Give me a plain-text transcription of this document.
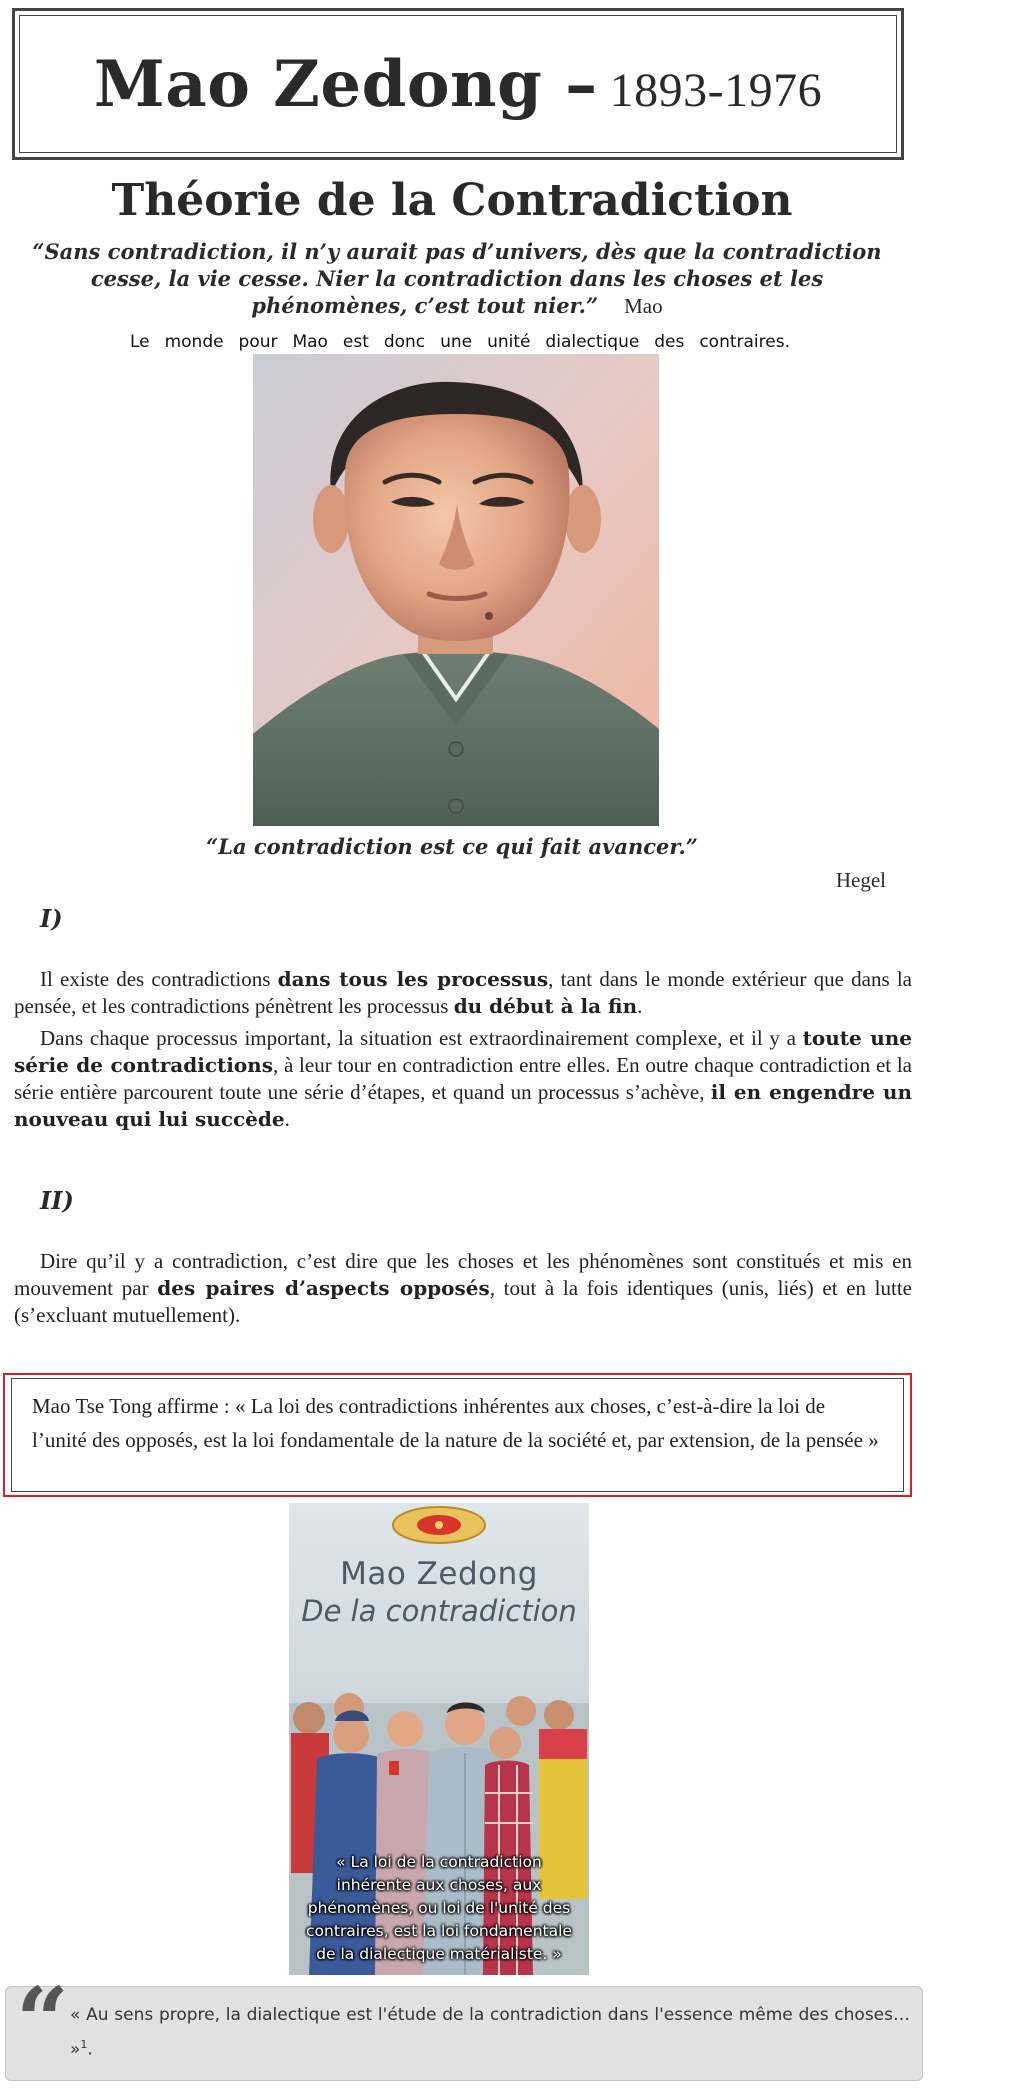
Mao Zedong – 1893-1976
Théorie de la Contradiction
“Sans contradiction, il n’y aurait pas d’univers, dès que la contradiction cesse, la vie cesse. Nier la contradiction dans les choses et les phénomènes, c’est tout nier.” Mao
Le monde pour Mao est donc une unité dialectique des contraires.
“La contradiction est ce qui fait avancer.”
Hegel
I)
Il existe des contradictions dans tous les processus, tant dans le monde extérieur que dans la pensée, et les contradictions pénètrent les processus du début à la fin.
Dans chaque processus important, la situation est extraordinairement complexe, et il y a toute une série de contradictions, à leur tour en contradiction entre elles. En outre chaque contradiction et la série entière parcourent toute une série d’étapes, et quand un processus s’achève, il en engendre un nouveau qui lui succède.
II)
Dire qu’il y a contradiction, c’est dire que les choses et les phénomènes sont constitués et mis en mouvement par des paires d’aspects opposés, tout à la fois identiques (unis, liés) et en lutte (s’excluant mutuellement).
Mao Tse Tong affirme : « La loi des contradictions inhérentes aux choses, c’est-à-dire la loi de l’unité des opposés, est la loi fondamentale de la nature de la société et, par extension, de la pensée »
Mao Zedong
De la contradiction
« La loi de la contradiction inhérente aux choses, aux phénomènes, ou loi de l'unité des contraires, est la loi fondamentale de la dialectique matérialiste. »
“ « Au sens propre, la dialectique est l'étude de la contradiction dans l'essence même des choses… »$^1$.
